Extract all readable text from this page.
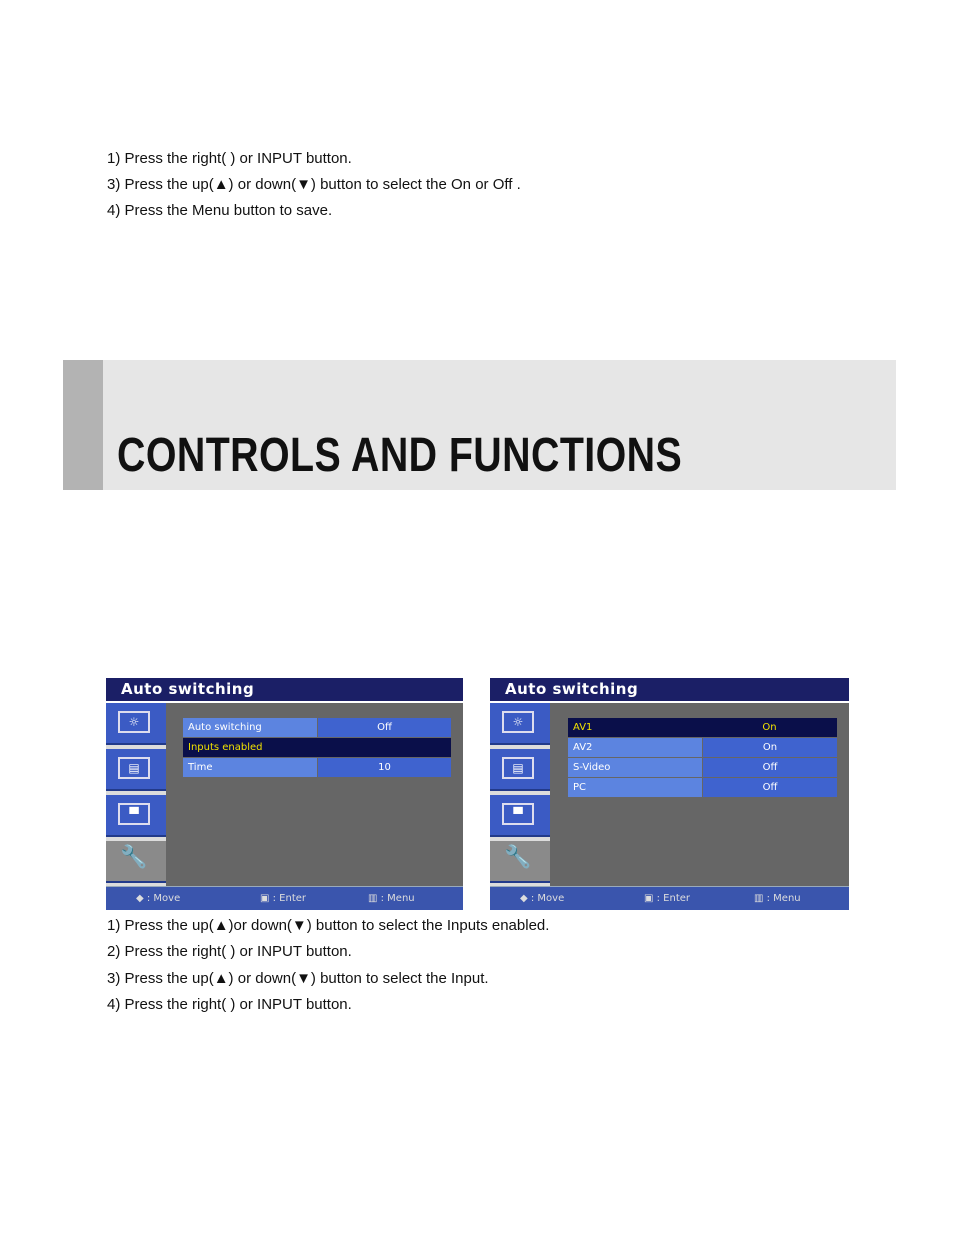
1) Press the right( ) or INPUT button.
3) Press the up(▲) or down(▼) button to select the On or Off .
4) Press the Menu button to save.
CONTROLS AND FUNCTIONS
Auto switching
☼
▤
▀
🔧
Auto switching	Off
Inputs enabled
Time	10
◆ : Move	▣ : Enter	▥ : Menu
Auto switching
☼
▤
▀
🔧
AV1	On
AV2	On
S-Video	Off
PC	Off
◆ : Move	▣ : Enter	▥ : Menu
1) Press the up(▲)or down(▼) button to select the Inputs enabled.
2) Press the right( ) or INPUT button.
3) Press the up(▲) or down(▼) button to select the Input.
4) Press the right( ) or INPUT button.
